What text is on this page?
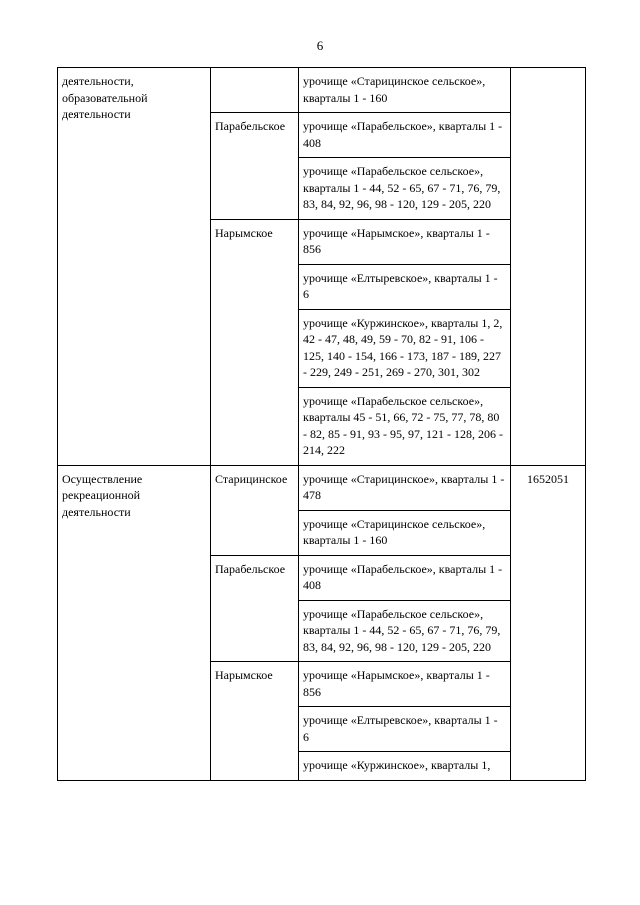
6
деятельности, образовательной деятельности		урочище «Старицинское сельское», кварталы 1 - 160	
	Парабельское	урочище «Парабельское», кварталы 1 - 408	
		урочище «Парабельское сельское», кварталы 1 - 44, 52 - 65, 67 - 71, 76, 79, 83, 84, 92, 96, 98 - 120, 129 - 205, 220	
	Нарымское	урочище «Нарымское», кварталы 1 - 856	
		урочище «Елтыревское», кварталы 1 - 6	
		урочище «Куржинское», кварталы 1, 2, 42 - 47, 48, 49, 59 - 70, 82 - 91, 106 - 125, 140 - 154, 166 - 173, 187 - 189, 227 - 229, 249 - 251, 269 - 270, 301, 302	
		урочище «Парабельское сельское», кварталы 45 - 51, 66, 72 - 75, 77, 78, 80 - 82, 85 - 91, 93 - 95, 97, 121 - 128, 206 - 214, 222	
Осуществление рекреационной деятельности	Старицинское	урочище «Старицинское», кварталы 1 - 478	1652051
		урочище «Старицинское сельское», кварталы 1 - 160	
	Парабельское	урочище «Парабельское», кварталы 1 - 408	
		урочище «Парабельское сельское», кварталы 1 - 44, 52 - 65, 67 - 71, 76, 79, 83, 84, 92, 96, 98 - 120, 129 - 205, 220	
	Нарымское	урочище «Нарымское», кварталы 1 - 856	
		урочище «Елтыревское», кварталы 1 - 6	
		урочище «Куржинское», кварталы 1,	
